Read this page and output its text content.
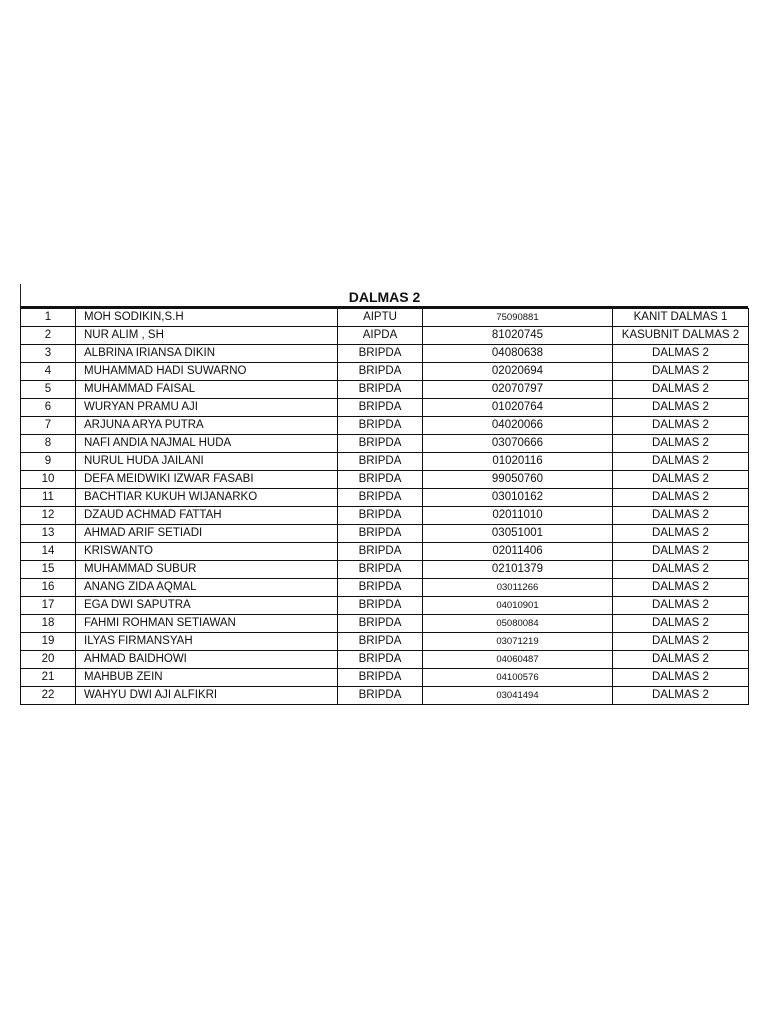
DALMAS 2
1	MOH SODIKIN,S.H	AIPTU	75090881	KANIT DALMAS 1
2	NUR ALIM , SH	AIPDA	81020745	KASUBNIT DALMAS 2
3	ALBRINA IRIANSA DIKIN	BRIPDA	04080638	DALMAS 2
4	MUHAMMAD HADI SUWARNO	BRIPDA	02020694	DALMAS 2
5	MUHAMMAD FAISAL	BRIPDA	02070797	DALMAS 2
6	WURYAN PRAMU AJI	BRIPDA	01020764	DALMAS 2
7	ARJUNA ARYA PUTRA	BRIPDA	04020066	DALMAS 2
8	NAFI ANDIA NAJMAL HUDA	BRIPDA	03070666	DALMAS 2
9	NURUL HUDA JAILANI	BRIPDA	01020116	DALMAS 2
10	DEFA MEIDWIKI IZWAR FASABI	BRIPDA	99050760	DALMAS 2
11	BACHTIAR KUKUH WIJANARKO	BRIPDA	03010162	DALMAS 2
12	DZAUD ACHMAD FATTAH	BRIPDA	02011010	DALMAS 2
13	AHMAD ARIF SETIADI	BRIPDA	03051001	DALMAS 2
14	KRISWANTO	BRIPDA	02011406	DALMAS 2
15	MUHAMMAD SUBUR	BRIPDA	02101379	DALMAS 2
16	ANANG ZIDA AQMAL	BRIPDA	03011266	DALMAS 2
17	EGA DWI SAPUTRA	BRIPDA	04010901	DALMAS 2
18	FAHMI ROHMAN SETIAWAN	BRIPDA	05080084	DALMAS 2
19	ILYAS FIRMANSYAH	BRIPDA	03071219	DALMAS 2
20	AHMAD BAIDHOWI	BRIPDA	04060487	DALMAS 2
21	MAHBUB ZEIN	BRIPDA	04100576	DALMAS 2
22	WAHYU DWI AJI ALFIKRI	BRIPDA	03041494	DALMAS 2
